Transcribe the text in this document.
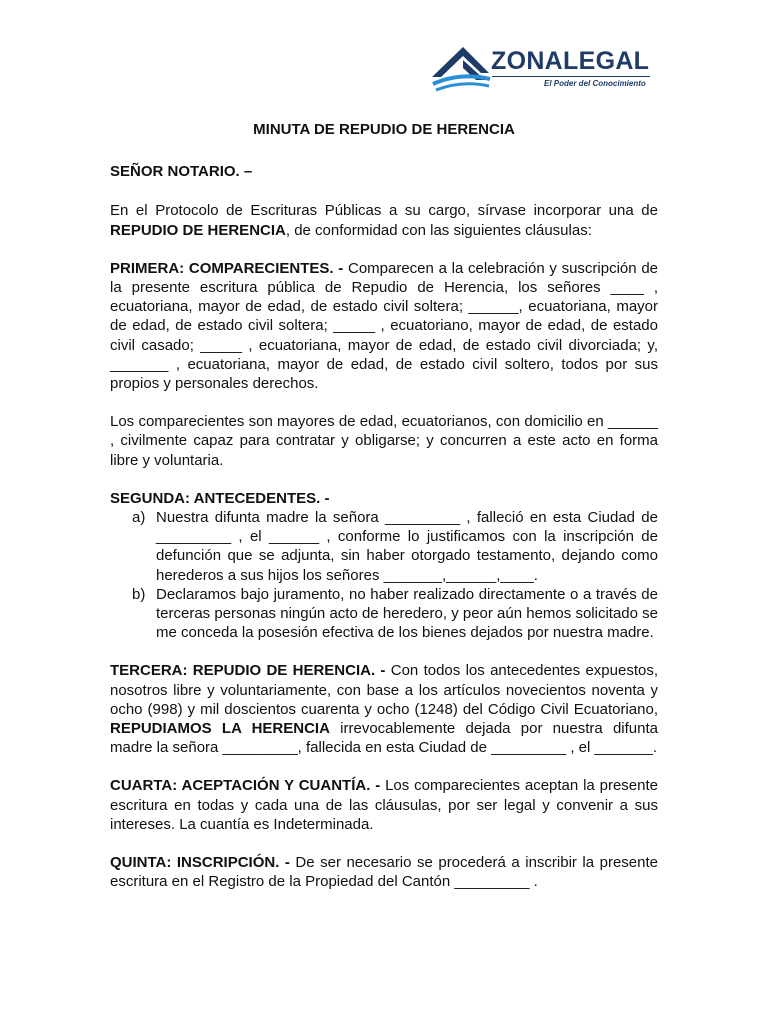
ZONALEGAL
El Poder del Conocimiento

MINUTA DE REPUDIO DE HERENCIA

SEÑOR NOTARIO. –

En el Protocolo de Escrituras Públicas a su cargo, sírvase incorporar una de REPUDIO DE HERENCIA, de conformidad con las siguientes cláusulas:

PRIMERA: COMPARECIENTES. - Comparecen a la celebración y suscripción de la presente escritura pública de Repudio de Herencia, los señores ____ , ecuatoriana, mayor de edad, de estado civil soltera; ______, ecuatoriana, mayor de edad, de estado civil soltera; _____ , ecuatoriano, mayor de edad, de estado civil casado; _____ , ecuatoriana, mayor de edad, de estado civil divorciada; y, _______ , ecuatoriana, mayor de edad, de estado civil soltero, todos por sus propios y personales derechos.

Los comparecientes son mayores de edad, ecuatorianos, con domicilio en ______ , civilmente capaz para contratar y obligarse; y concurren a este acto en forma libre y voluntaria.

SEGUNDA: ANTECEDENTES. -

a) Nuestra difunta madre la señora _________ , falleció en esta Ciudad de _________ , el ______ , conforme lo justificamos con la inscripción de defunción que se adjunta, sin haber otorgado testamento, dejando como herederos a sus hijos los señores _______,______,____.
b) Declaramos bajo juramento, no haber realizado directamente o a través de terceras personas ningún acto de heredero, y peor aún hemos solicitado se me conceda la posesión efectiva de los bienes dejados por nuestra madre.

TERCERA: REPUDIO DE HERENCIA. - Con todos los antecedentes expuestos, nosotros libre y voluntariamente, con base a los artículos novecientos noventa y ocho (998) y mil doscientos cuarenta y ocho (1248) del Código Civil Ecuatoriano, REPUDIAMOS LA HERENCIA irrevocablemente dejada por nuestra difunta madre la señora _________, fallecida en esta Ciudad de _________ , el _______.

CUARTA: ACEPTACIÓN Y CUANTÍA. - Los comparecientes aceptan la presente escritura en todas y cada una de las cláusulas, por ser legal y convenir a sus intereses. La cuantía es Indeterminada.

QUINTA: INSCRIPCIÓN. - De ser necesario se procederá a inscribir la presente escritura en el Registro de la Propiedad del Cantón _________ .
